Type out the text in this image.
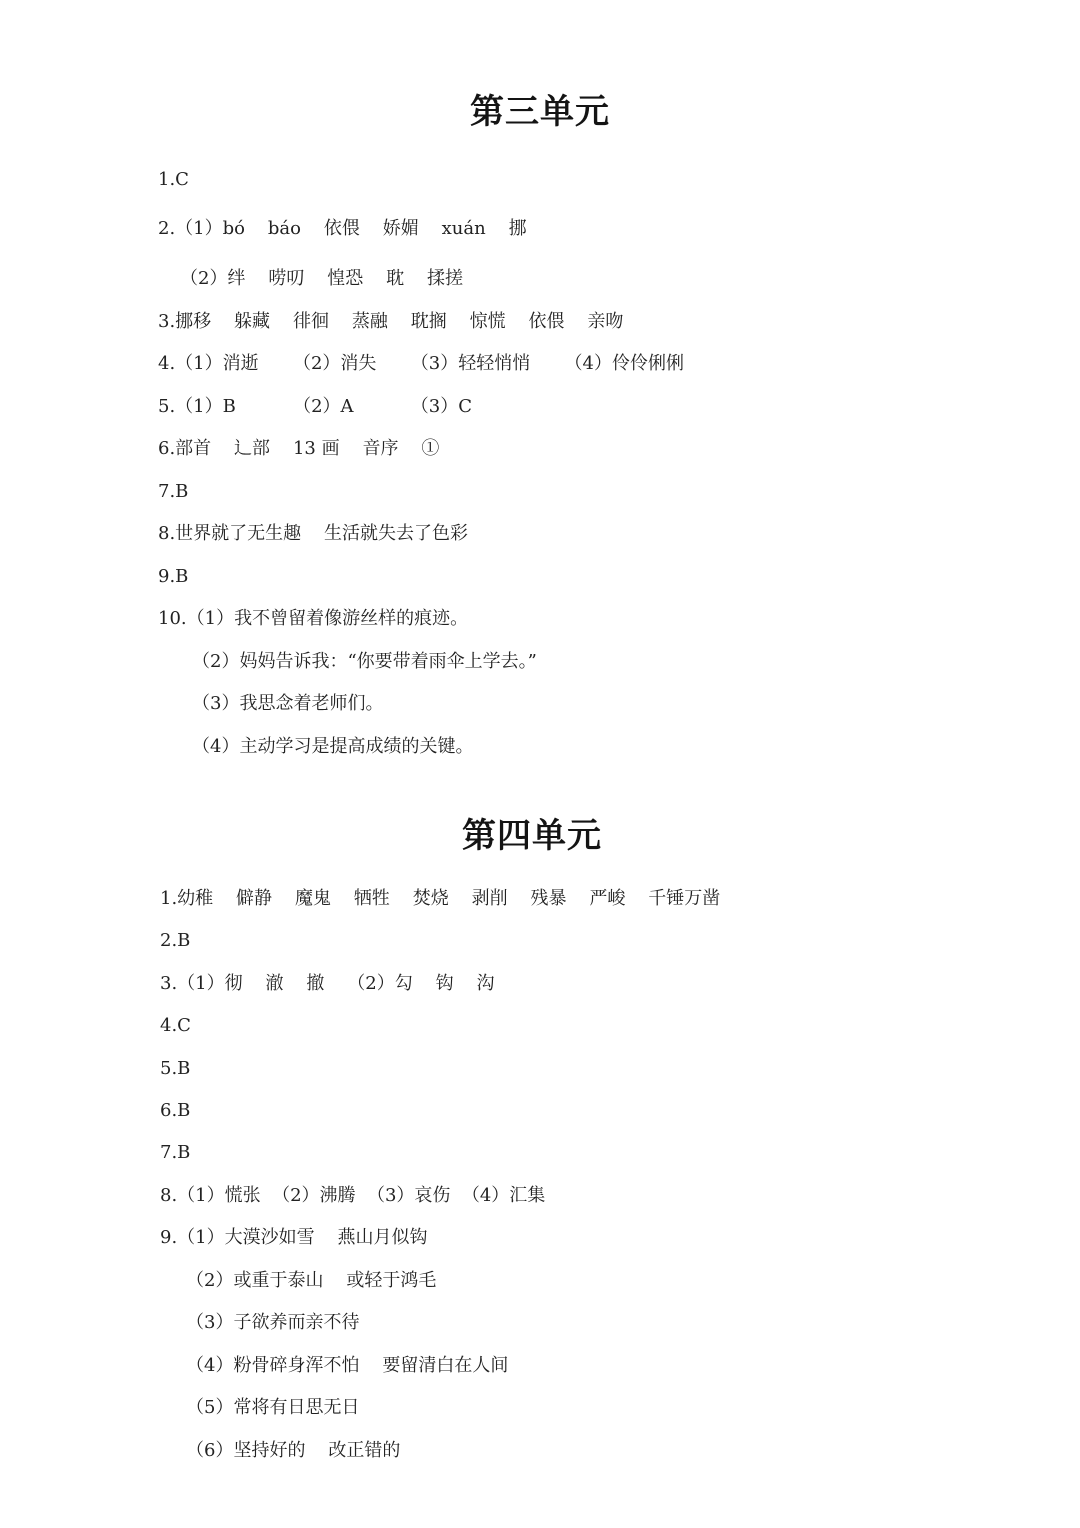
第三单元
1.C
2.（1）bó    báo    依偎    娇媚    xuán    挪
（2）绊    唠叨    惶恐    耽    揉搓
3.挪移    躲藏    徘徊    蒸融    耽搁    惊慌    依偎    亲吻
4.（1）消逝      （2）消失      （3）轻轻悄悄      （4）伶伶俐俐
5.（1）B          （2）A          （3）C
6.部首    辶部    13 画    音序    ①
7.B
8.世界就了无生趣    生活就失去了色彩
9.B
10.（1）我不曾留着像游丝样的痕迹。
（2）妈妈告诉我：“你要带着雨伞上学去。”
（3）我思念着老师们。
（4）主动学习是提高成绩的关键。
第四单元
1.幼稚    僻静    魔鬼    牺牲    焚烧    剥削    残暴    严峻    千锤万凿
2.B
3.（1）彻    澈    撤    （2）勾    钩    沟
4.C
5.B
6.B
7.B
8.（1）慌张  （2）沸腾  （3）哀伤  （4）汇集
9.（1）大漠沙如雪    燕山月似钩
（2）或重于泰山    或轻于鸿毛
（3）子欲养而亲不待
（4）粉骨碎身浑不怕    要留清白在人间
（5）常将有日思无日
（6）坚持好的    改正错的
